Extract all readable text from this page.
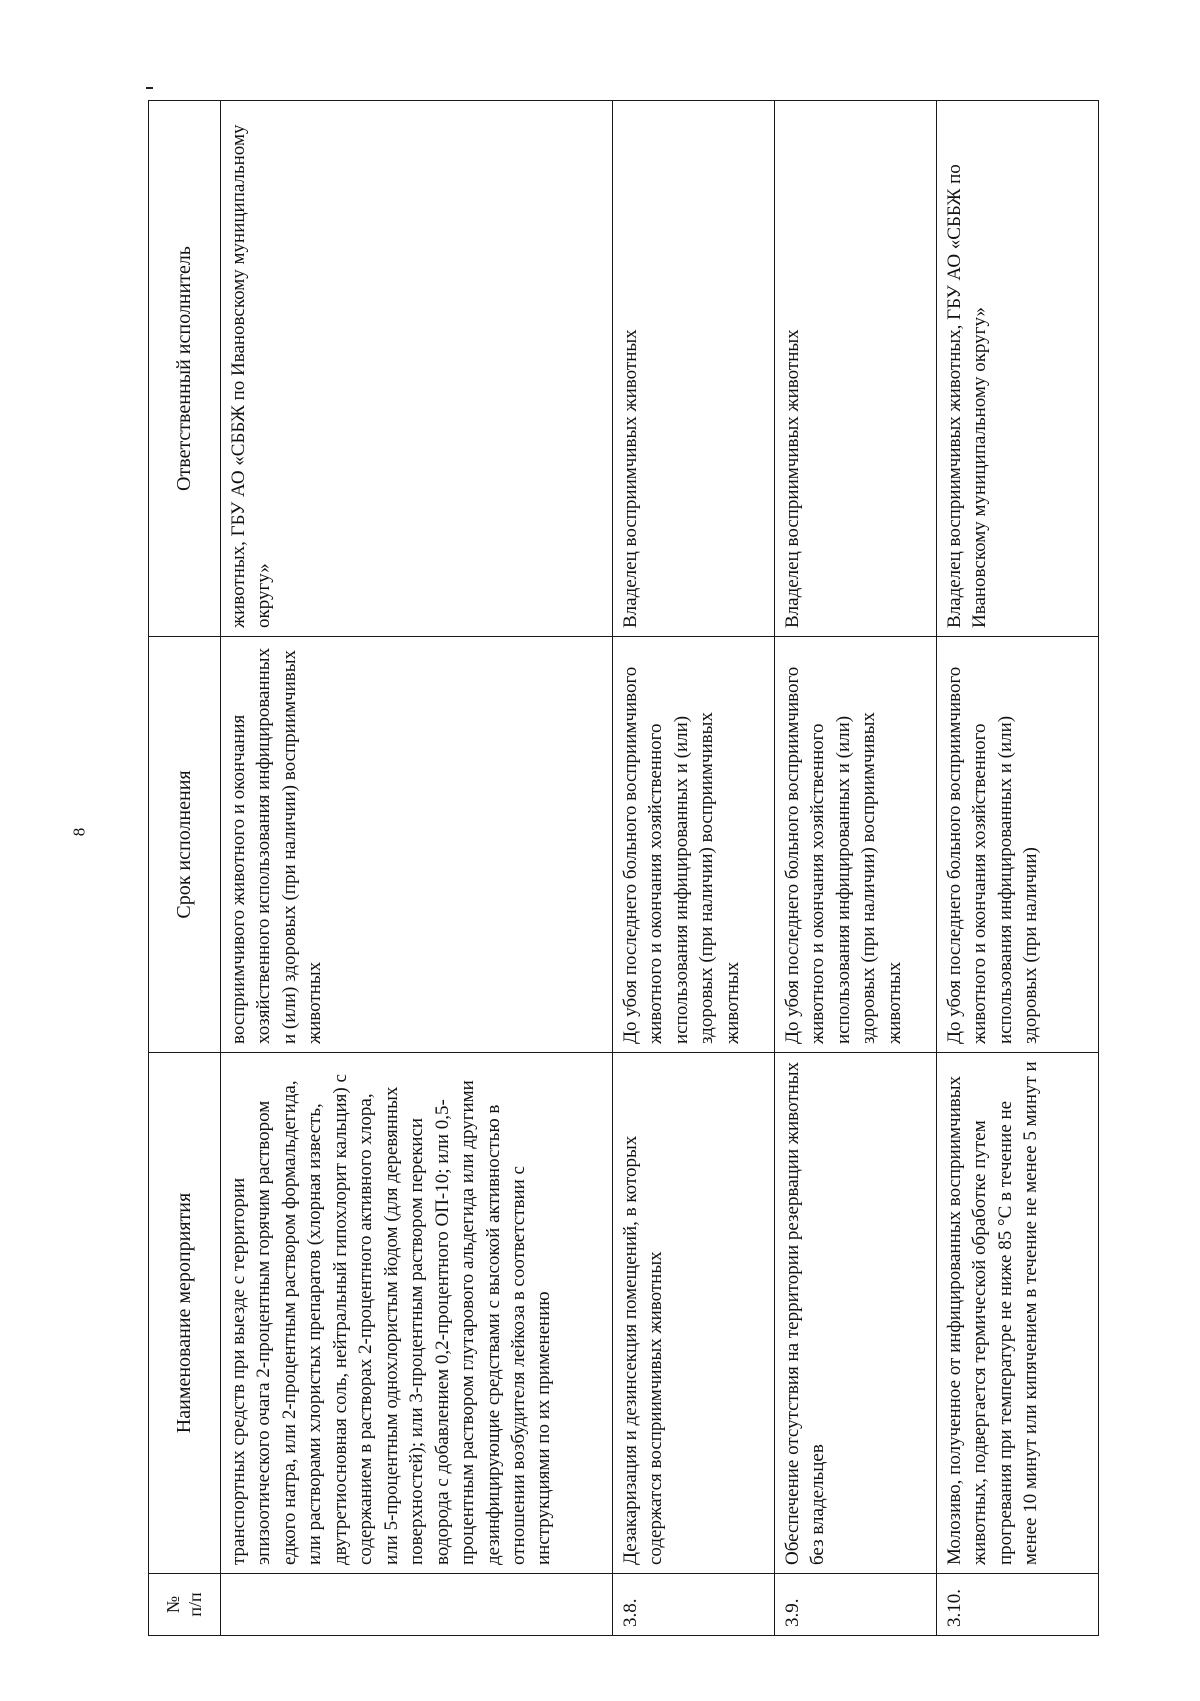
8
№
п/п	Наименование мероприятия	Срок исполнения	Ответственный исполнитель

	транспортных средств при выезде с территории эпизоотического очага 2-процентным горячим раствором едкого натра, или 2-процентным раствором формальдегида, или растворами хлористых препаратов (хлорная известь, двутретиосновная соль, нейтральный гипохлорит кальция) с содержанием в растворах 2-процентного активного хлора, или 5-процентным однохлористым йодом (для деревянных поверхностей); или 3-процентным раствором перекиси водорода с добавлением 0,2-процентного ОП-10; или 0,5-процентным раствором глутарового альдегида или другими дезинфицирующие средствами с высокой активностью в отношении возбудителя лейкоза в соответствии с инструкциями по их применению	восприимчивого животного и окончания хозяйственного использования инфицированных и (или) здоровых (при наличии) восприимчивых животных	животных, ГБУ АО «СББЖ по Ивановскому муниципальному округу»

3.8.	Дезакаризация и дезинсекция помещений, в которых содержатся восприимчивых животных	До убоя последнего больного восприимчивого животного и окончания хозяйственного использования инфицированных и (или) здоровых (при наличии) восприимчивых животных	Владелец восприимчивых животных

3.9.	Обеспечение отсутствия на территории резервации животных без владельцев	До убоя последнего больного восприимчивого животного и окончания хозяйственного использования инфицированных и (или) здоровых (при наличии) восприимчивых животных	Владелец восприимчивых животных

3.10.	Молозиво, полученное от инфицированных восприимчивых животных, подвергается термической обработке путем прогревания при температуре не ниже 85 °С в течение не менее 10 минут или кипячением в течение не менее 5 минут и	До убоя последнего больного восприимчивого животного и окончания хозяйственного использования инфицированных и (или) здоровых (при наличии)	Владелец восприимчивых животных, ГБУ АО «СББЖ по Ивановскому муниципальному округу»
